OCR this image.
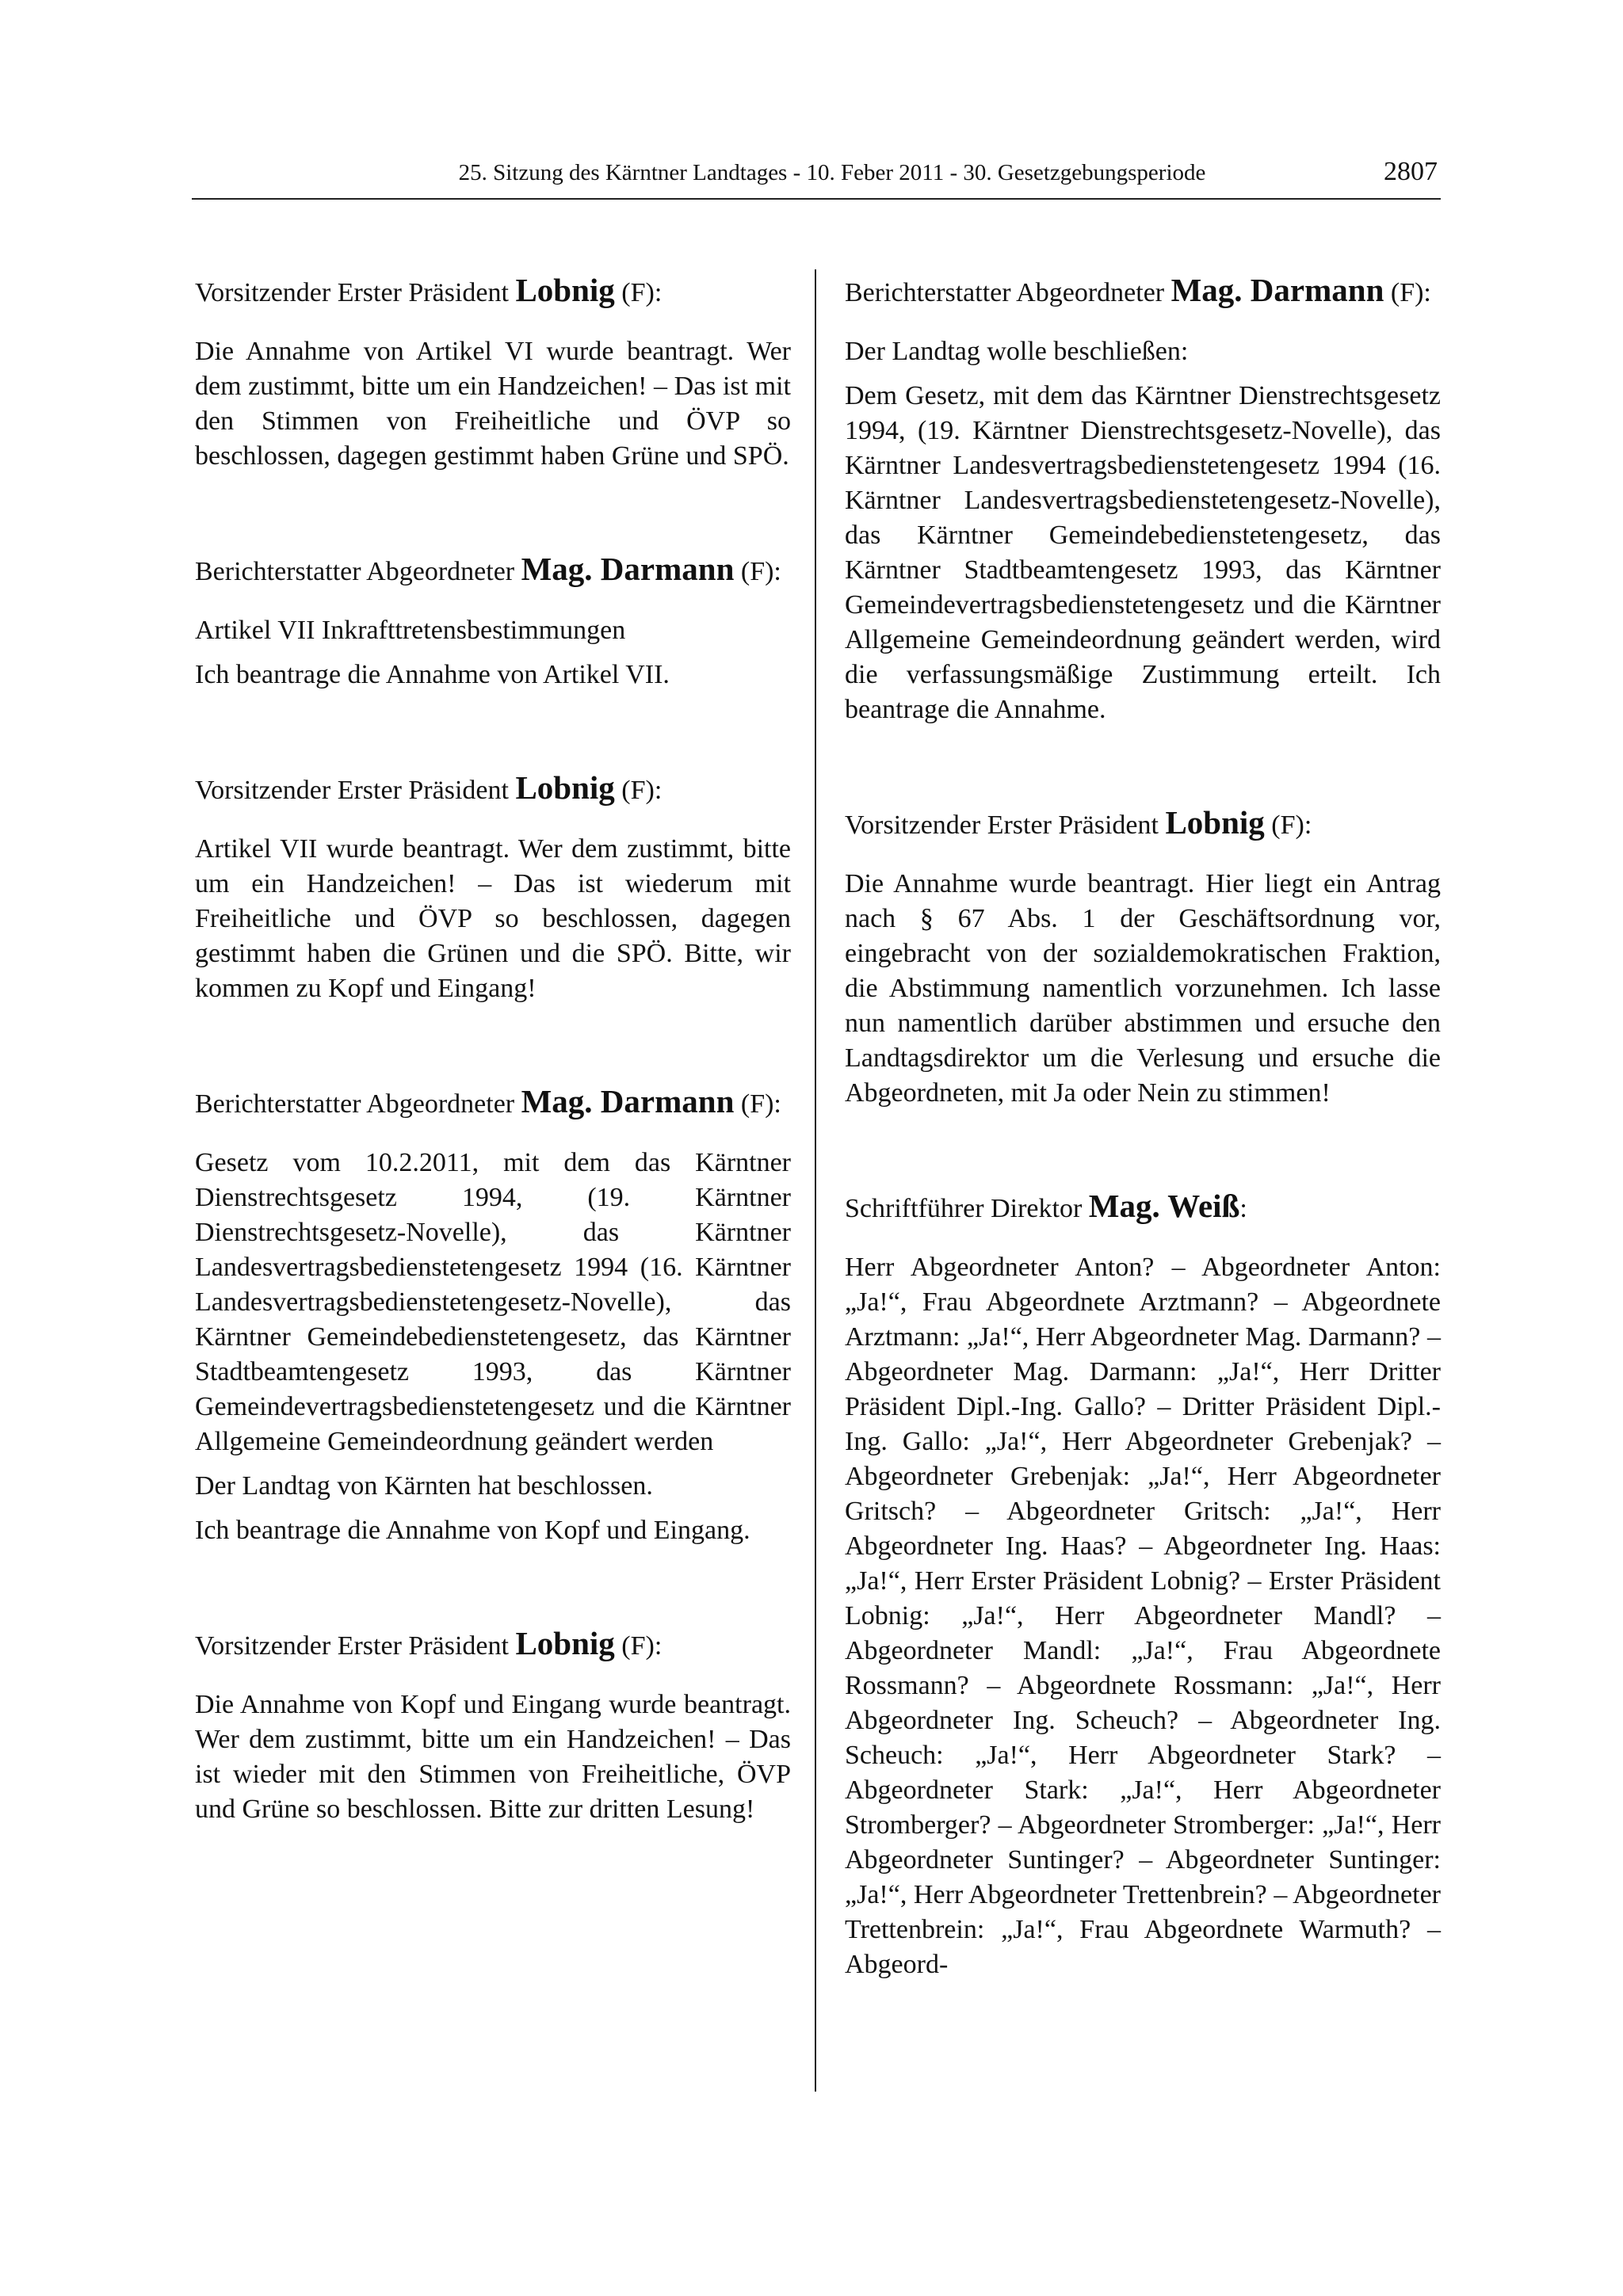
25. Sitzung des Kärntner Landtages - 10. Feber 2011 - 30. Gesetzgebungsperiode	2807
Vorsitzender Erster Präsident Lobnig (F):
Die Annahme von Artikel VI wurde beantragt. Wer dem zustimmt, bitte um ein Handzeichen! – Das ist mit den Stimmen von Freiheitliche und ÖVP so beschlossen, dagegen gestimmt haben Grüne und SPÖ.
Berichterstatter Abgeordneter Mag. Darmann (F):
Artikel VII Inkrafttretensbestimmungen
Ich beantrage die Annahme von Artikel VII.
Vorsitzender Erster Präsident Lobnig (F):
Artikel VII wurde beantragt. Wer dem zustimmt, bitte um ein Handzeichen! – Das ist wiederum mit Freiheitliche und ÖVP so beschlossen, dagegen gestimmt haben die Grünen und die SPÖ. Bitte, wir kommen zu Kopf und Eingang!
Berichterstatter Abgeordneter Mag. Darmann (F):
Gesetz vom 10.2.2011, mit dem das Kärntner Dienstrechtsgesetz 1994, (19. Kärntner Dienstrechtsgesetz-Novelle), das Kärntner Landesvertragsbedienstetengesetz 1994 (16. Kärntner Landesvertragsbedienstetengesetz-Novelle), das Kärntner Gemeindebedienstetengesetz, das Kärntner Stadtbeamtengesetz 1993, das Kärntner Gemeindevertragsbedienstetengesetz und die Kärntner Allgemeine Gemeindeordnung geändert werden
Der Landtag von Kärnten hat beschlossen.
Ich beantrage die Annahme von Kopf und Eingang.
Vorsitzender Erster Präsident Lobnig (F):
Die Annahme von Kopf und Eingang wurde beantragt. Wer dem zustimmt, bitte um ein Handzeichen! – Das ist wieder mit den Stimmen von Freiheitliche, ÖVP und Grüne so beschlossen. Bitte zur dritten Lesung!
Berichterstatter Abgeordneter Mag. Darmann (F):
Der Landtag wolle beschließen:
Dem Gesetz, mit dem das Kärntner Dienstrechtsgesetz 1994, (19. Kärntner Dienstrechtsgesetz-Novelle), das Kärntner Landesvertragsbedienstetengesetz 1994 (16. Kärntner Landesvertragsbedienstetengesetz-Novelle), das Kärntner Gemeindebedienstetengesetz, das Kärntner Stadtbeamtengesetz 1993, das Kärntner Gemeindevertragsbedienstetengesetz und die Kärntner Allgemeine Gemeindeordnung geändert werden, wird die verfassungsmäßige Zustimmung erteilt. Ich beantrage die Annahme.
Vorsitzender Erster Präsident Lobnig (F):
Die Annahme wurde beantragt. Hier liegt ein Antrag nach § 67 Abs. 1 der Geschäftsordnung vor, eingebracht von der sozialdemokratischen Fraktion, die Abstimmung namentlich vorzunehmen. Ich lasse nun namentlich darüber abstimmen und ersuche den Landtagsdirektor um die Verlesung und ersuche die Abgeordneten, mit Ja oder Nein zu stimmen!
Schriftführer Direktor Mag. Weiß:
Herr Abgeordneter Anton? – Abgeordneter Anton: „Ja!“, Frau Abgeordnete Arztmann? – Abgeordnete Arztmann: „Ja!“, Herr Abgeordneter Mag. Darmann? – Abgeordneter Mag. Darmann: „Ja!“, Herr Dritter Präsident Dipl.-Ing. Gallo? – Dritter Präsident Dipl.-Ing. Gallo: „Ja!“, Herr Abgeordneter Grebenjak? – Abgeordneter Grebenjak: „Ja!“, Herr Abgeordneter Gritsch? – Abgeordneter Gritsch: „Ja!“, Herr Abgeordneter Ing. Haas? – Abgeordneter Ing. Haas: „Ja!“, Herr Erster Präsident Lobnig? – Erster Präsident Lobnig: „Ja!“, Herr Abgeordneter Mandl? – Abgeordneter Mandl: „Ja!“, Frau Abgeordnete Rossmann? – Abgeordnete Rossmann: „Ja!“, Herr Abgeordneter Ing. Scheuch? – Abgeordneter Ing. Scheuch: „Ja!“, Herr Abgeordneter Stark? – Abgeordneter Stark: „Ja!“, Herr Abgeordneter Stromberger? – Abgeordneter Stromberger: „Ja!“, Herr Abgeordneter Suntinger? – Abgeordneter Suntinger: „Ja!“, Herr Abgeordneter Trettenbrein? – Abgeordneter Trettenbrein: „Ja!“, Frau Abgeordnete Warmuth? – Abgeord-
